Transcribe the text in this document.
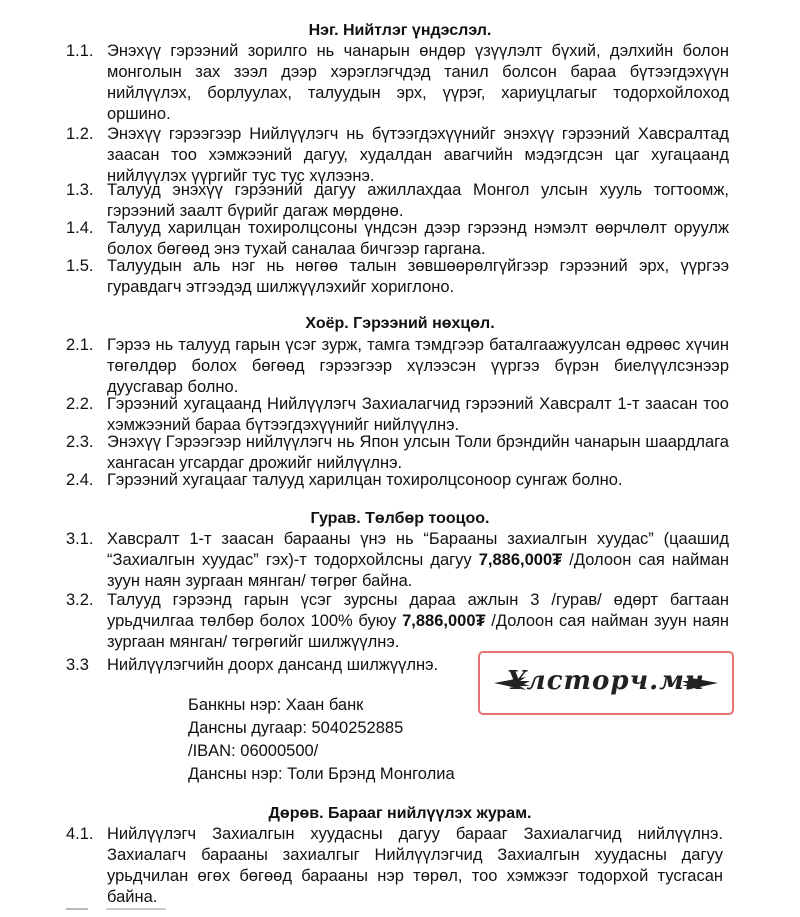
Нэг. Нийтлэг үндэслэл.
1.1. Энэхүү гэрээний зорилго нь чанарын өндөр үзүүлэлт бүхий, дэлхийн болон монголын зах зээл дээр хэрэглэгчдэд танил болсон бараа бүтээгдэхүүн нийлүүлэх, борлуулах, талуудын эрх, үүрэг, хариуцлагыг тодорхойлоход оршино.
1.2. Энэхүү гэрээгээр Нийлүүлэгч нь бүтээгдэхүүнийг энэхүү гэрээний Хавсралтад заасан тоо хэмжээний дагуу, худалдан авагчийн мэдэгдсэн цаг хугацаанд нийлүүлэх үүргийг тус тус хүлээнэ.
1.3. Талууд энэхүү гэрээний дагуу ажиллахдаа Монгол улсын хууль тогтоомж, гэрээний заалт бүрийг дагаж мөрдөнө.
1.4. Талууд харилцан тохиролцсоны үндсэн дээр гэрээнд нэмэлт өөрчлөлт оруулж болох бөгөөд энэ тухай саналаа бичгээр гаргана.
1.5. Талуудын аль нэг нь нөгөө талын зөвшөөрөлгүйгээр гэрээний эрх, үүргээ гуравдагч этгээдэд шилжүүлэхийг хориглоно.
Хоёр. Гэрээний нөхцөл.
2.1. Гэрээ нь талууд гарын үсэг зурж, тамга тэмдгээр баталгаажуулсан өдрөөс хүчин төгөлдөр болох бөгөөд гэрээгээр хүлээсэн үүргээ бүрэн биелүүлсэнээр дуусгавар болно.
2.2. Гэрээний хугацаанд Нийлүүлэгч Захиалагчид гэрээний Хавсралт 1-т заасан тоо хэмжээний бараа бүтээгдэхүүнийг нийлүүлнэ.
2.3. Энэхүү Гэрээгээр нийлүүлэгч нь Япон улсын Толи брэндийн чанарын шаардлага хангасан угсардаг дрожийг нийлүүлнэ.
2.4. Гэрээний хугацааг талууд харилцан тохиролцсоноор сунгаж болно.
Гурав. Төлбөр тооцоо.
3.1. Хавсралт 1-т заасан барааны үнэ нь “Барааны захиалгын хуудас” (цаашид “Захиалгын хуудас” гэх)-т тодорхойлсны дагуу 7,886,000₮ /Долоон сая найман зуун наян зургаан мянган/ төгрөг байна.
3.2. Талууд гэрээнд гарын үсэг зурсны дараа ажлын 3 /гурав/ өдөрт багтаан урьдчилгаа төлбөр болох 100% буюу 7,886,000₮ /Долоон сая найман зуун наян зургаан мянган/ төгрөгийг шилжүүлнэ.
3.3 Нийлүүлэгчийн доорх дансанд шилжүүлнэ.
Банкны нэр: Хаан банк
Дансны дугаар: 5040252885
/IBAN: 06000500/
Дансны нэр: Толи Брэнд Монголиа
Үлсторч.мн
Дөрөв. Барааг нийлүүлэх журам.
4.1. Нийлүүлэгч Захиалгын хуудасны дагуу барааг Захиалагчид нийлүүлнэ. Захиалагч барааны захиалгыг Нийлүүлэгчид Захиалгын хуудасны дагуу урьдчилан өгөх бөгөөд барааны нэр төрөл, тоо хэмжээг тодорхой тусгасан байна.
